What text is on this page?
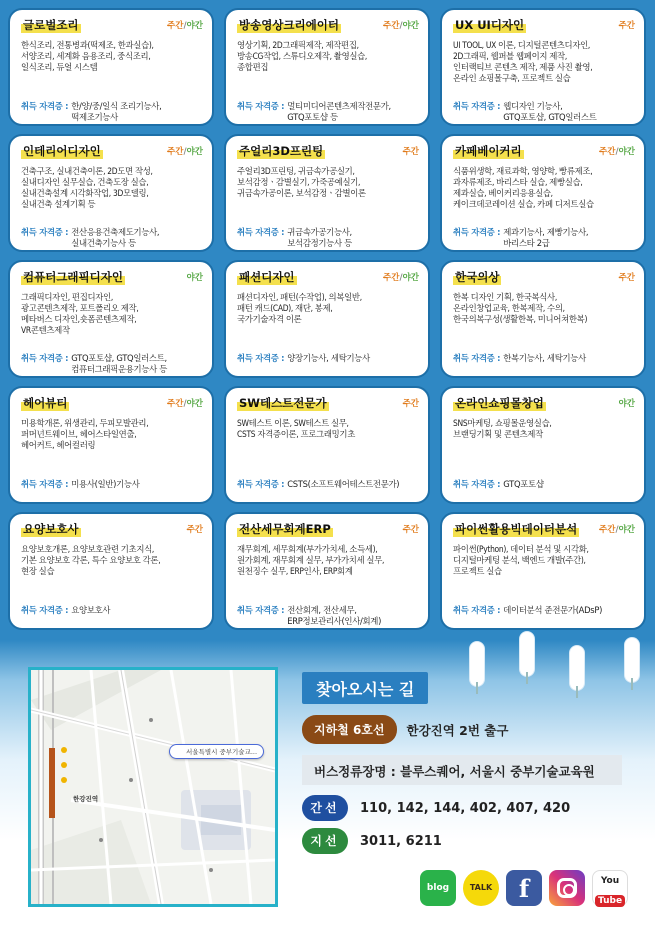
글로벌조리	주간/야간
한식조리, 전통병과(떡제조, 한과실습),
서양조리, 세계화 음용조리, 중식조리,
일식조리, 듀얼 시스템
취득 자격증 : 한/양/중/일식 조리기능사,
떡제조기능사
방송영상크리에이터	주간/야간
영상기획, 2D그래픽제작, 제작편집,
방송CG작업, 스튜디오제작, 촬영실습,
종합편집
취득 자격증 : 멀티미디어콘텐츠제작전문가,
GTQ포토샵 등
UX UI디자인	주간
UI TOOL, UX 이론, 디지털콘텐츠디자인,
2D그래픽, 웹퍼블 웹페이지 제작,
인터랙티브 콘텐츠 제작, 제품 사진 촬영,
온라인 쇼핑몰구축, 프로젝트 실습
취득 자격증 : 웹디자인 기능사,
GTQ포토샵, GTQ일러스트
인테리어디자인	주간/야간
건축구조, 실내건축이론, 2D도면 작성,
실내디자인 실무실습, 건축도장 실습,
실내건축설계 시각화작업, 3D모델링,
실내건축 설계기획 등
취득 자격증 : 전산응용건축제도기능사,
실내건축기능사 등
주얼리3D프린팅	주간
주얼리3D프린팅, 귀금속가공실기,
보석감정ㆍ감별실기, 가죽공예실기,
귀금속가공이론, 보석감정ㆍ감별이론
취득 자격증 : 귀금속가공기능사,
보석감정기능사 등
카페베이커리	주간/야간
식품위생학, 재료과학, 영양학, 빵류제조,
과자류제조, 바리스타 실습, 제빵실습,
제과실습, 베이커리응용실습,
케이크데코레이션 실습, 카페 디저트실습
취득 자격증 : 제과기능사, 제빵기능사,
바리스타 2급
컴퓨터그래픽디자인	야간
그래픽디자인, 편집디자인,
광고콘텐츠제작, 포트폴리오 제작,
메타버스 디자인,숏폼콘텐츠제작,
VR콘텐츠제작
취득 자격증 : GTQ포토샵, GTQ일러스트,
컴퓨터그래픽운용기능사 등
패션디자인	주간/야간
패션디자인, 패턴(수작업), 의복일반,
패턴 캐드(CAD), 재단, 봉제,
국가기술자격 이론
취득 자격증 : 양장기능사, 세탁기능사
한국의상	주간
한복 디자인 기획, 한국복식사,
온라인창업교육, 한복제작, 수의,
한국의복구성(생활한복, 미니어쳐한복)
취득 자격증 : 한복기능사, 세탁기능사
헤어뷰티	주간/야간
미용학개론, 위생관리, 두피모발관리,
퍼머넌트웨이브, 헤어스타일연출,
헤어커트, 헤어컬러링
취득 자격증 : 미용사(일반)기능사
SW테스트전문가	주간
SW테스트 이론, SW테스트 실무,
CSTS 자격증이론, 프로그래밍기초
취득 자격증 : CSTS(소프트웨어테스트전문가)
온라인쇼핑몰창업	야간
SNS마케팅, 쇼핑몰운영실습,
브랜딩기획 및 콘텐츠제작
취득 자격증 : GTQ포토샵
요양보호사	주간
요양보호개론, 요양보호관련 기초지식,
기본 요양보호 각론, 특수 요양보호 각론,
현장 실습
취득 자격증 : 요양보호사
전산세무회계ERP	주간
재무회계, 세무회계(부가가치세, 소득세),
원가회계, 재무회계 실무, 부가가치세 실무,
원천징수 실무, ERP인사, ERP회계
취득 자격증 : 전산회계, 전산세무,
ERP정보관리사(인사/회계)
파이썬활용빅데이터분석	주간/야간
파이썬(Python), 데이터 분석 및 시각화,
디지털마케팅 분석, 백엔드 개발(주간),
프로젝트 실습
취득 자격증 : 데이터분석 준전문가(ADsP)
서울특별시 중부기술교...
한강진역
찾아오시는 길
지하철 6호선	한강진역 2번 출구
버스정류장명 : 블루스퀘어, 서울시 중부기술교육원
간선	110, 142, 144, 402, 407, 420
지선	3011, 6211
blog	TALK	f	You
Tube
